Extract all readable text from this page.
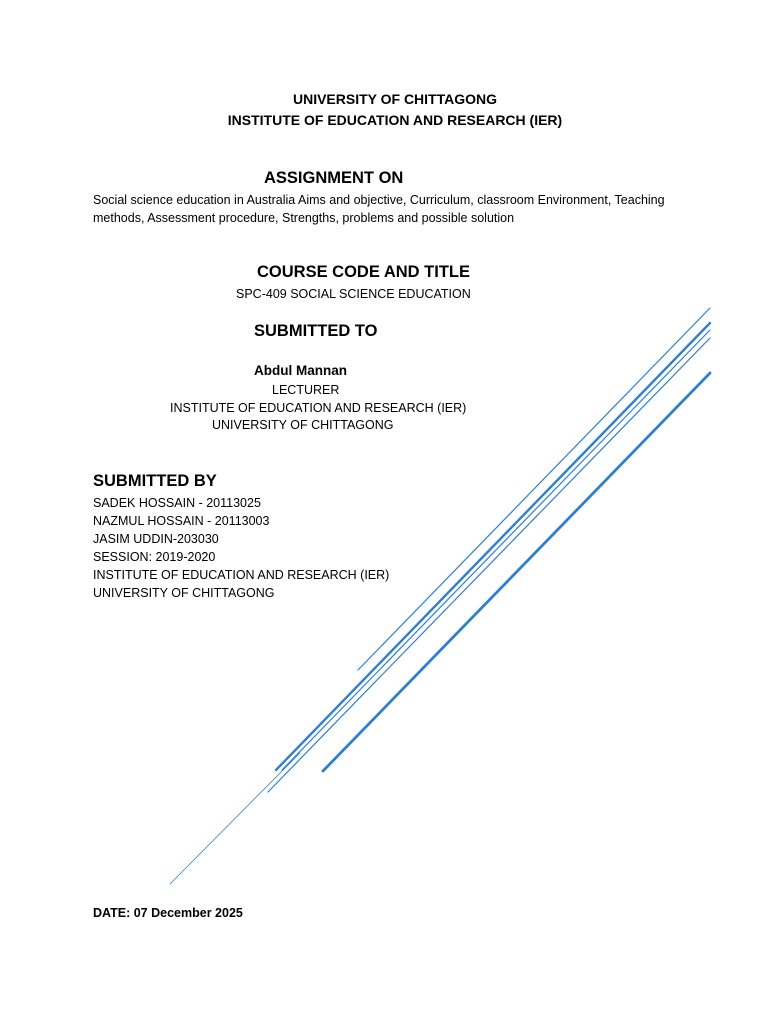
UNIVERSITY OF CHITTAGONG

INSTITUTE OF EDUCATION AND RESEARCH (IER)

ASSIGNMENT ON

Social science education in Australia Aims and objective, Curriculum, classroom Environment, Teaching methods, Assessment procedure, Strengths, problems and possible solution

COURSE CODE AND TITLE

SPC-409 SOCIAL SCIENCE EDUCATION

SUBMITTED TO

Abdul Mannan

LECTURER

INSTITUTE OF EDUCATION AND RESEARCH (IER)

UNIVERSITY OF CHITTAGONG

SUBMITTED BY

SADEK HOSSAIN - 20113025
NAZMUL HOSSAIN - 20113003
JASIM UDDIN-203030
SESSION: 2019-2020
INSTITUTE OF EDUCATION AND RESEARCH (IER)
UNIVERSITY OF CHITTAGONG

DATE: 07 December 2025
